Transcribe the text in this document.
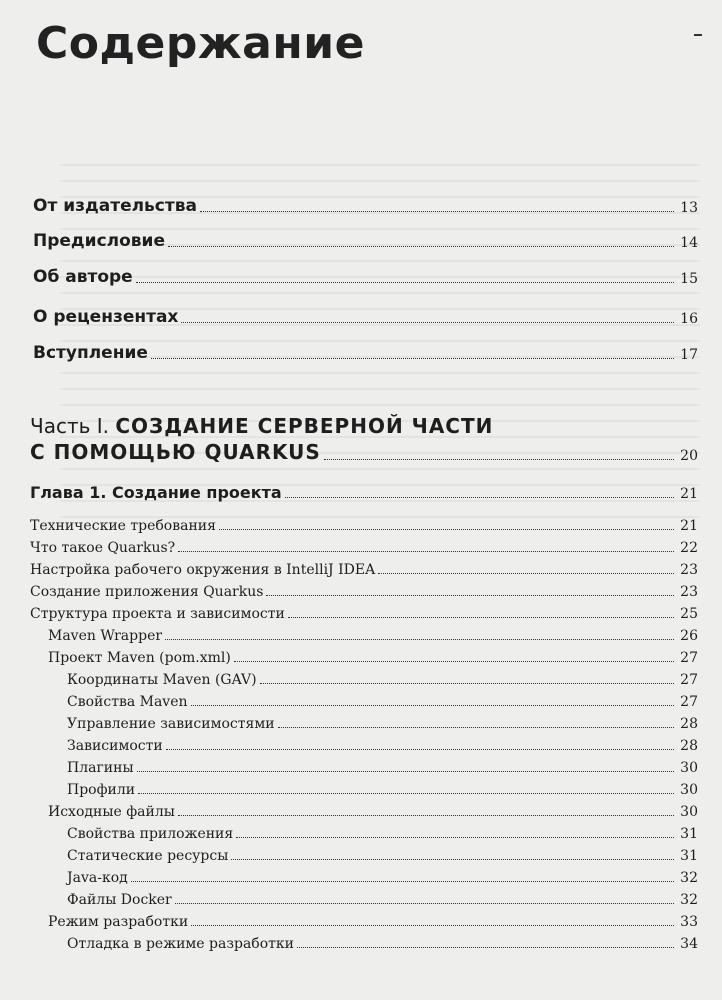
Содержание
От издательства	13
Предисловие	14
Об авторе	15
О рецензентах	16
Вступление	17
Часть I. СОЗДАНИЕ СЕРВЕРНОЙ ЧАСТИ
С ПОМОЩЬЮ QUARKUS	20
Глава 1. Создание проекта	21
Технические требования	21
Что такое Quarkus?	22
Настройка рабочего окружения в IntelliJ IDEA	23
Создание приложения Quarkus	23
Структура проекта и зависимости	25
Maven Wrapper	26
Проект Maven (pom.xml)	27
Координаты Maven (GAV)	27
Свойства Maven	27
Управление зависимостями	28
Зависимости	28
Плагины	30
Профили	30
Исходные файлы	30
Свойства приложения	31
Статические ресурсы	31
Java-код	32
Файлы Docker	32
Режим разработки	33
Отладка в режиме разработки	34
